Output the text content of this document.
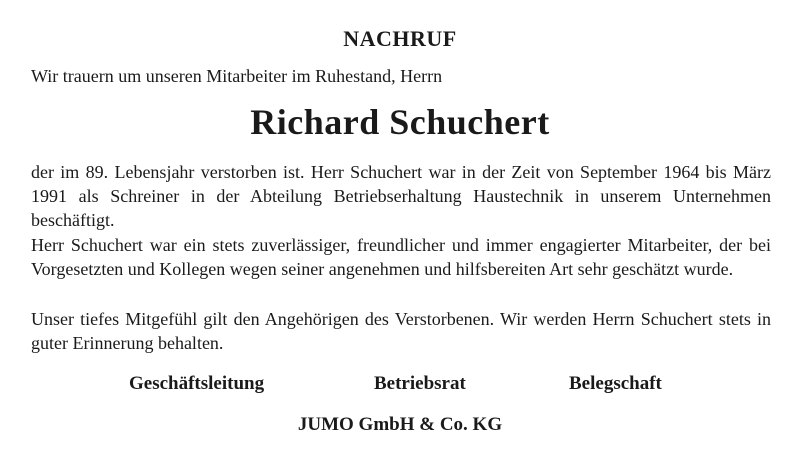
NACHRUF
Wir trauern um unseren Mitarbeiter im Ruhestand, Herrn
Richard Schuchert

der im 89. Lebensjahr verstorben ist. Herr Schuchert war in der Zeit von September 1964 bis März 1991 als Schreiner in der Abteilung Betriebserhaltung Haustechnik in unserem Unternehmen beschäftigt.

Herr Schuchert war ein stets zuverlässiger, freundlicher und immer engagierter Mitarbeiter, der bei Vorgesetzten und Kollegen wegen seiner angenehmen und hilfsbereiten Art sehr geschätzt wurde.

Unser tiefes Mitgefühl gilt den Angehörigen des Verstorbenen. Wir werden Herrn Schuchert stets in guter Erinnerung behalten.

Geschäftsleitung	Betriebsrat	Belegschaft
JUMO GmbH & Co. KG
